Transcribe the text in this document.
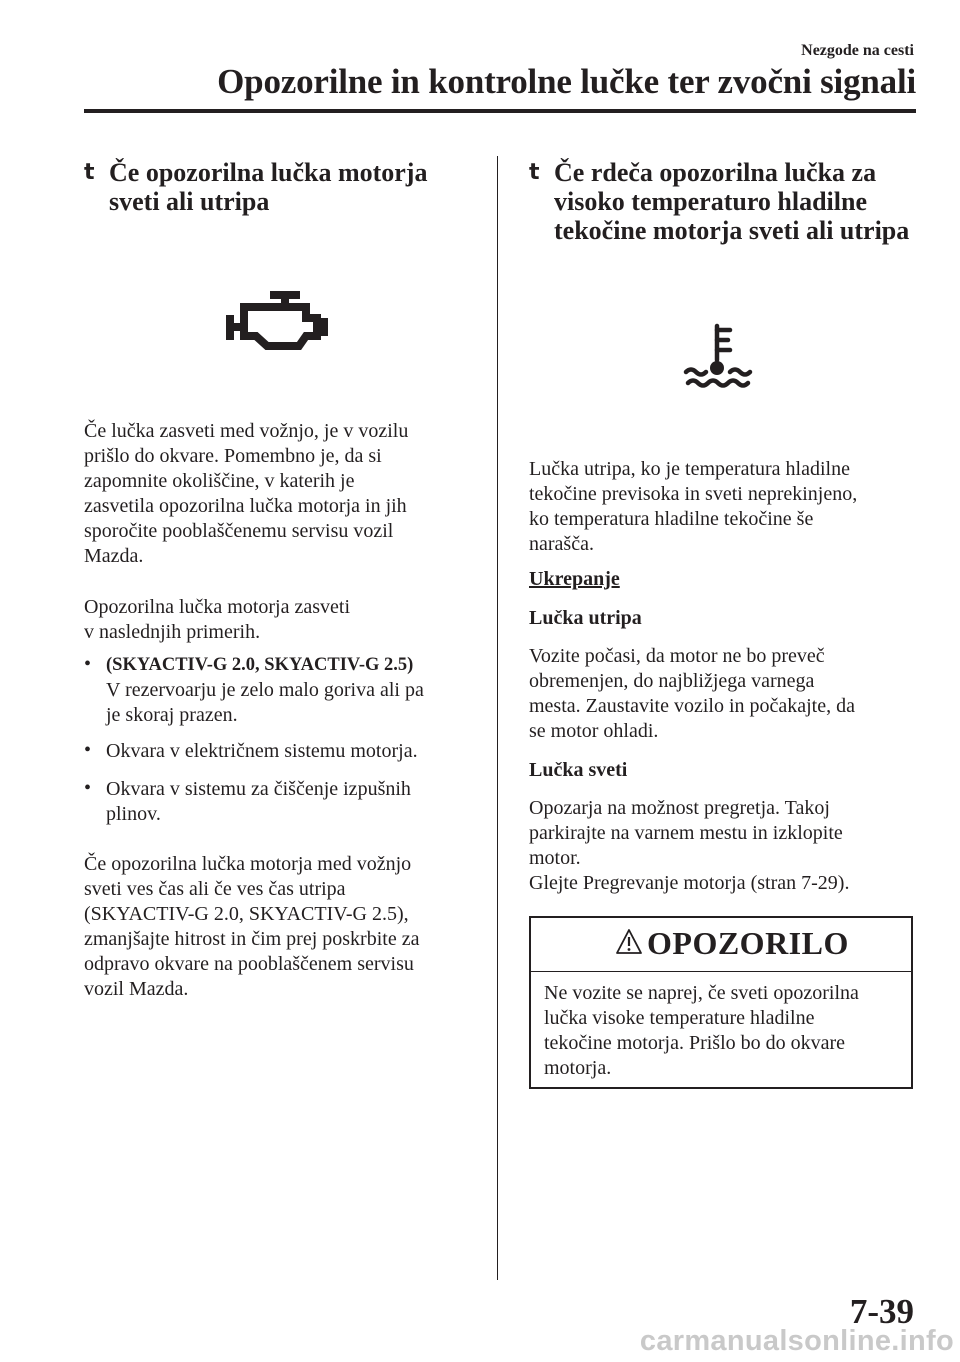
Nezgode na cesti
Opozorilne in kontrolne lučke ter zvočni signali
t Če opozorilna lučka motorja
sveti ali utripa
Če lučka zasveti med vožnjo, je v vozilu
prišlo do okvare. Pomembno je, da si
zapomnite okoliščine, v katerih je
zasvetila opozorilna lučka motorja in jih
sporočite pooblaščenemu servisu vozil
Mazda.
Opozorilna lučka motorja zasveti
v naslednjih primerih.
• (SKYACTIV-G 2.0, SKYACTIV-G 2.5)
V rezervoarju je zelo malo goriva ali pa
je skoraj prazen.
• Okvara v električnem sistemu motorja.
• Okvara v sistemu za čiščenje izpušnih
plinov.
Če opozorilna lučka motorja med vožnjo
sveti ves čas ali če ves čas utripa
(SKYACTIV-G 2.0, SKYACTIV-G 2.5),
zmanjšajte hitrost in čim prej poskrbite za
odpravo okvare na pooblaščenem servisu
vozil Mazda.
t Če rdeča opozorilna lučka za
visoko temperaturo hladilne
tekočine motorja sveti ali utripa
Lučka utripa, ko je temperatura hladilne
tekočine previsoka in sveti neprekinjeno,
ko temperatura hladilne tekočine še
narašča.
Ukrepanje
Lučka utripa
Vozite počasi, da motor ne bo preveč
obremenjen, do najbližjega varnega
mesta. Zaustavite vozilo in počakajte, da
se motor ohladi.
Lučka sveti
Opozarja na možnost pregretja. Takoj
parkirajte na varnem mestu in izklopite
motor.
Glejte Pregrevanje motorja (stran 7-29).
OPOZORILO
Ne vozite se naprej, če sveti opozorilna
lučka visoke temperature hladilne
tekočine motorja. Prišlo bo do okvare
motorja.
7-39
carmanualsonline.info
